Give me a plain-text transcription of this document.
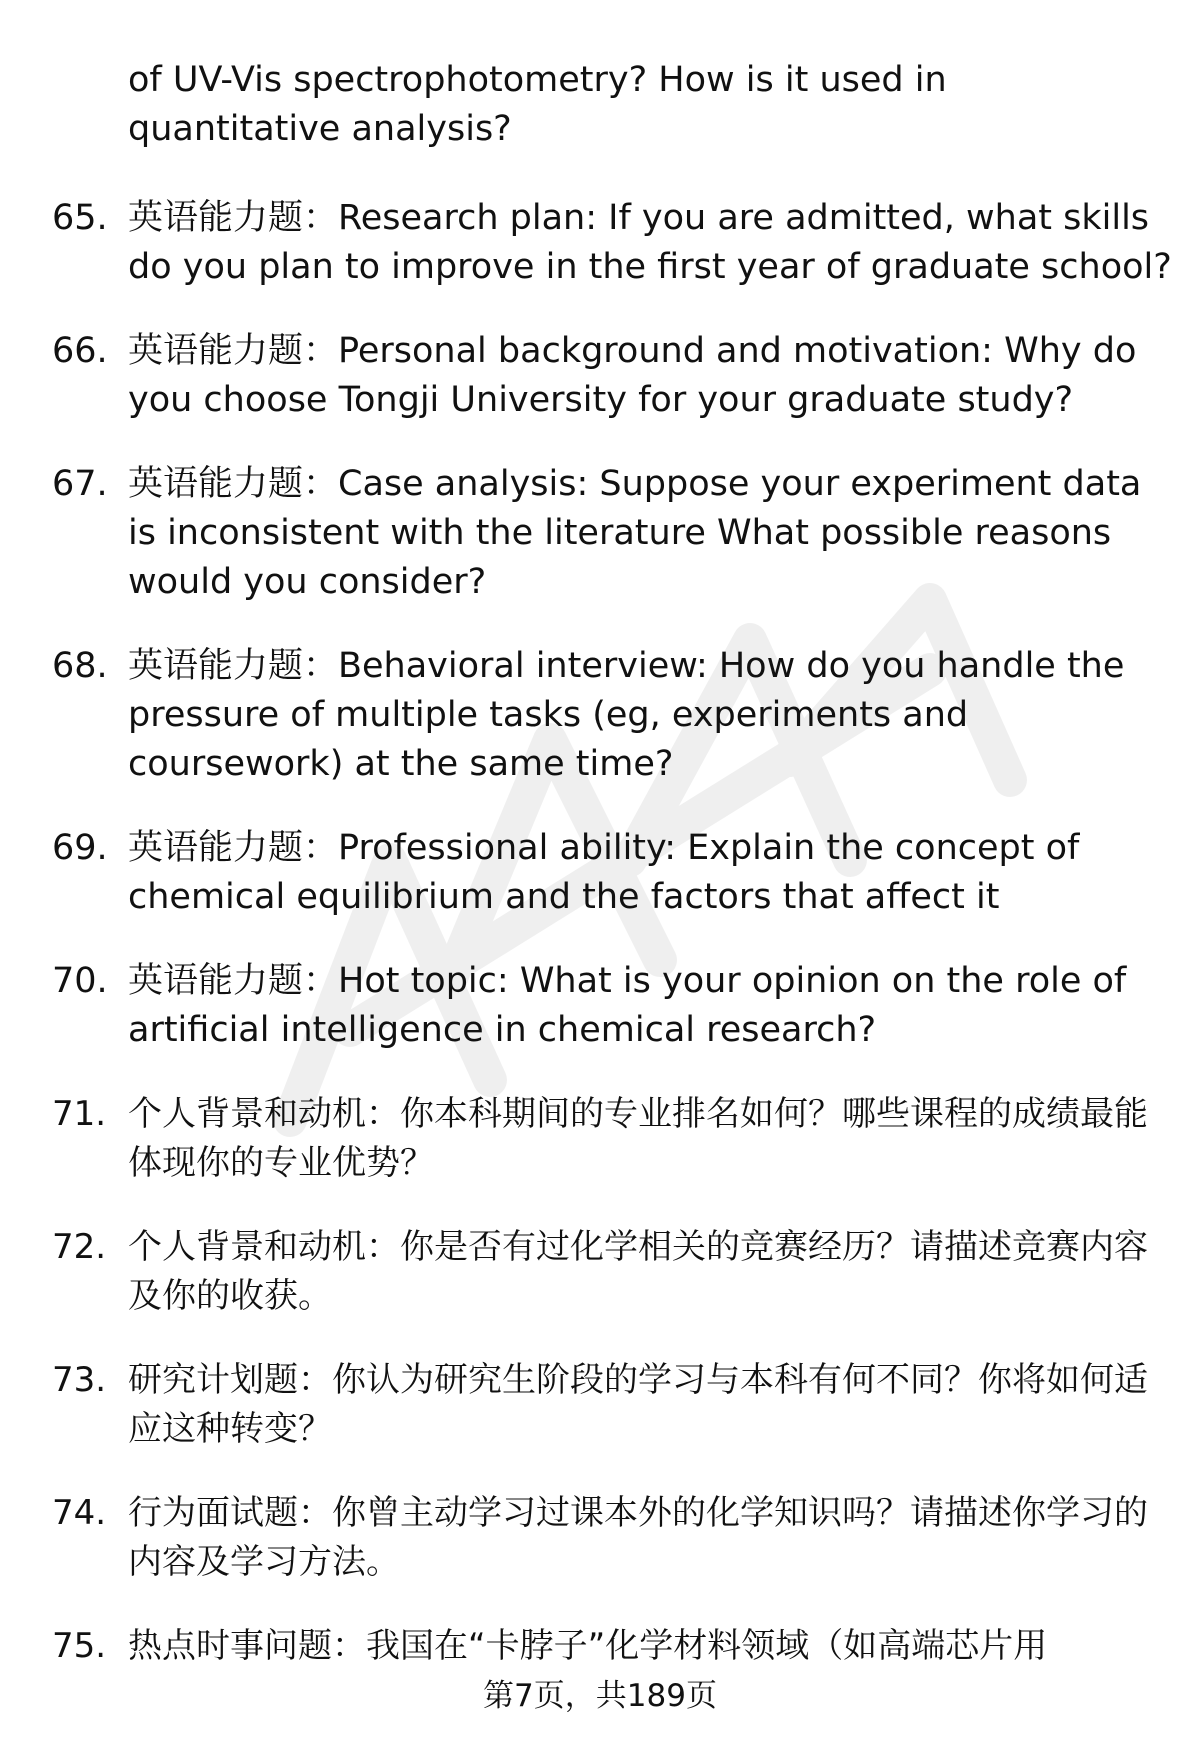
of UV-Vis spectrophotometry? How is it used in quantitative analysis?

65. 英语能力题：Research plan: If you are admitted, what skills do you plan to improve in the first year of graduate school?
66. 英语能力题：Personal background and motivation: Why do you choose Tongji University for your graduate study?
67. 英语能力题：Case analysis: Suppose your experiment data is inconsistent with the literature What possible reasons would you consider?
68. 英语能力题：Behavioral interview: How do you handle the pressure of multiple tasks (eg, experiments and coursework) at the same time?
69. 英语能力题：Professional ability: Explain the concept of chemical equilibrium and the factors that affect it
70. 英语能力题：Hot topic: What is your opinion on the role of artificial intelligence in chemical research?
71. 个人背景和动机：你本科期间的专业排名如何？哪些课程的成绩最能体现你的专业优势？
72. 个人背景和动机：你是否有过化学相关的竞赛经历？请描述竞赛内容及你的收获。
73. 研究计划题：你认为研究生阶段的学习与本科有何不同？你将如何适应这种转变？
74. 行为面试题：你曾主动学习过课本外的化学知识吗？请描述你学习的内容及学习方法。
75. 热点时事问题：我国在“卡脖子”化学材料领域（如高端芯片用
第7页，共189页
